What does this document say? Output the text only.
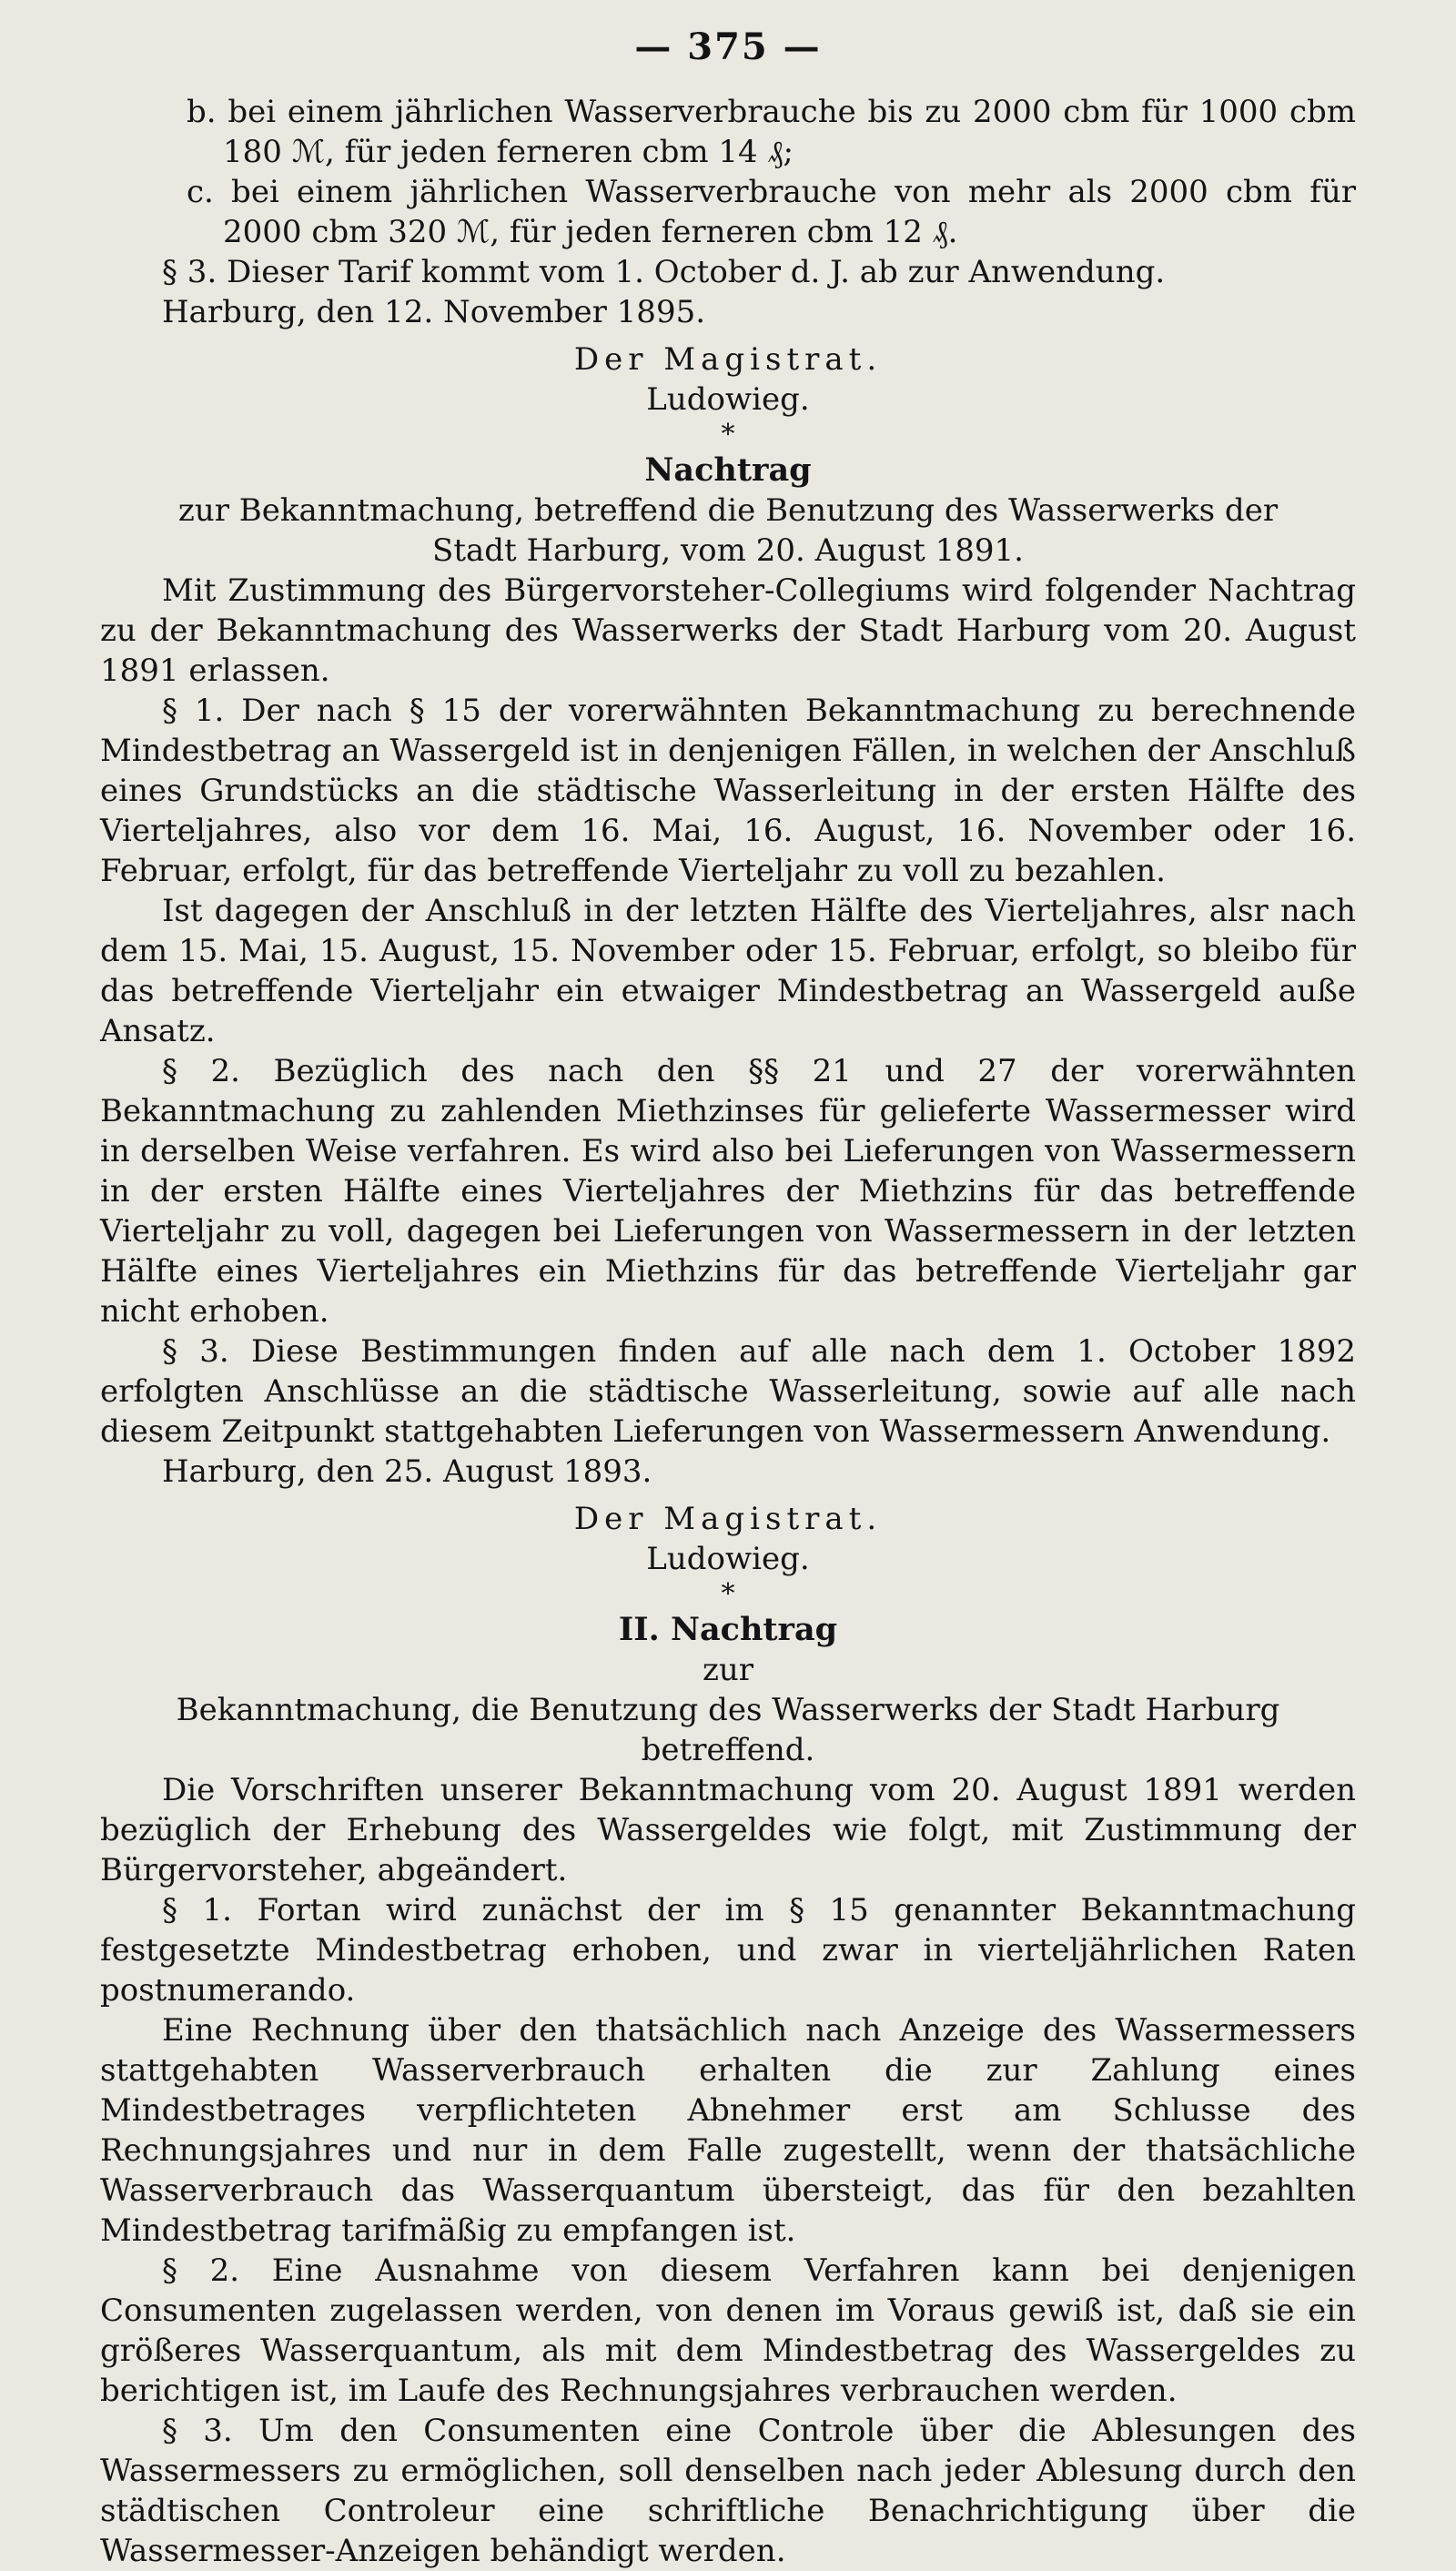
— 375 —

b. bei einem jährlichen Wasserverbrauche bis zu 2000 cbm für 1000 cbm 180 ℳ, für jeden ferneren cbm 14 ₰;

c. bei einem jährlichen Wasserverbrauche von mehr als 2000 cbm für 2000 cbm 320 ℳ, für jeden ferneren cbm 12 ₰.

§ 3. Dieser Tarif kommt vom 1. October d. J. ab zur Anwendung.

Harburg, den 12. November 1895.

Der Magistrat.

Ludowieg.

*

Nachtrag

zur Bekanntmachung, betreffend die Benutzung des Wasserwerks der Stadt Harburg, vom 20. August 1891.

Mit Zustimmung des Bürgervorsteher-Collegiums wird folgender Nachtrag zu der Bekanntmachung des Wasserwerks der Stadt Harburg vom 20. August 1891 erlassen.

§ 1. Der nach § 15 der vorerwähnten Bekanntmachung zu berechnende Mindestbetrag an Wassergeld ist in denjenigen Fällen, in welchen der Anschluß eines Grundstücks an die städtische Wasserleitung in der ersten Hälfte des Vierteljahres, also vor dem 16. Mai, 16. August, 16. November oder 16. Februar, erfolgt, für das betreffende Vierteljahr zu voll zu bezahlen.

Ist dagegen der Anschluß in der letzten Hälfte des Vierteljahres, alsr nach dem 15. Mai, 15. August, 15. November oder 15. Februar, erfolgt, so bleibo für das betreffende Vierteljahr ein etwaiger Mindestbetrag an Wassergeld auße Ansatz.

§ 2. Bezüglich des nach den §§ 21 und 27 der vorerwähnten Bekanntmachung zu zahlenden Miethzinses für gelieferte Wassermesser wird in derselben Weise verfahren. Es wird also bei Lieferungen von Wassermessern in der ersten Hälfte eines Vierteljahres der Miethzins für das betreffende Vierteljahr zu voll, dagegen bei Lieferungen von Wassermessern in der letzten Hälfte eines Vierteljahres ein Miethzins für das betreffende Vierteljahr gar nicht erhoben.

§ 3. Diese Bestimmungen finden auf alle nach dem 1. October 1892 erfolgten Anschlüsse an die städtische Wasserleitung, sowie auf alle nach diesem Zeitpunkt stattgehabten Lieferungen von Wassermessern Anwendung.

Harburg, den 25. August 1893.

Der Magistrat.

Ludowieg.

*

II. Nachtrag

zur

Bekanntmachung, die Benutzung des Wasserwerks der Stadt Harburg betreffend.

Die Vorschriften unserer Bekanntmachung vom 20. August 1891 werden bezüglich der Erhebung des Wassergeldes wie folgt, mit Zustimmung der Bürgervorsteher, abgeändert.

§ 1. Fortan wird zunächst der im § 15 genannter Bekanntmachung festgesetzte Mindestbetrag erhoben, und zwar in vierteljährlichen Raten postnumerando.

Eine Rechnung über den thatsächlich nach Anzeige des Wassermessers stattgehabten Wasserverbrauch erhalten die zur Zahlung eines Mindestbetrages verpflichteten Abnehmer erst am Schlusse des Rechnungsjahres und nur in dem Falle zugestellt, wenn der thatsächliche Wasserverbrauch das Wasserquantum übersteigt, das für den bezahlten Mindestbetrag tarifmäßig zu empfangen ist.

§ 2. Eine Ausnahme von diesem Verfahren kann bei denjenigen Consumenten zugelassen werden, von denen im Voraus gewiß ist, daß sie ein größeres Wasserquantum, als mit dem Mindestbetrag des Wassergeldes zu berichtigen ist, im Laufe des Rechnungsjahres verbrauchen werden.

§ 3. Um den Consumenten eine Controle über die Ablesungen des Wassermessers zu ermöglichen, soll denselben nach jeder Ablesung durch den städtischen Controleur eine schriftliche Benachrichtigung über die Wassermesser-Anzeigen behändigt werden.
